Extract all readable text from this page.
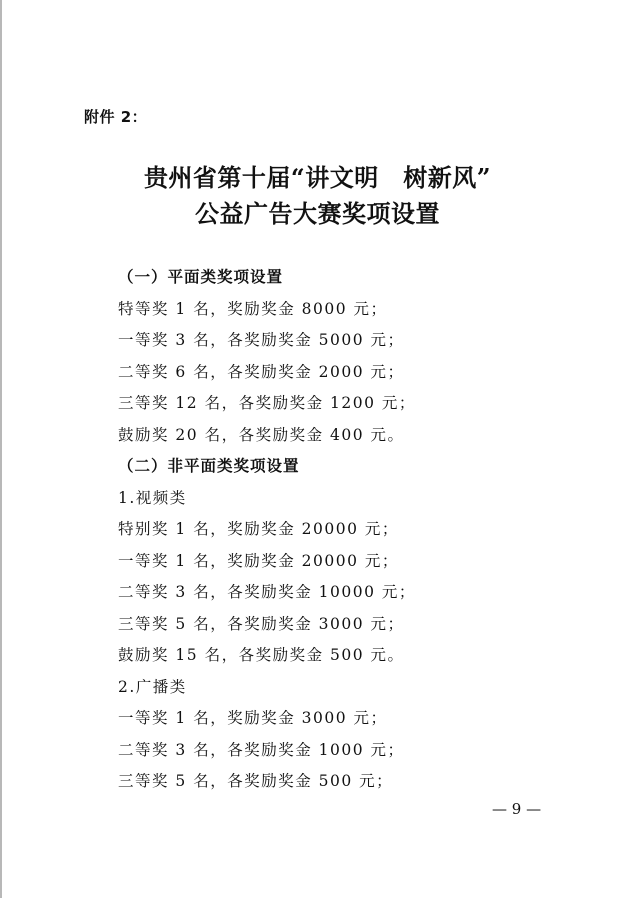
附件 2：
贵州省第十届“讲文明　树新风”
公益广告大赛奖项设置
（一）平面类奖项设置
特等奖 1 名，奖励奖金 8000 元；
一等奖 3 名，各奖励奖金 5000 元；
二等奖 6 名，各奖励奖金 2000 元；
三等奖 12 名，各奖励奖金 1200 元；
鼓励奖 20 名，各奖励奖金 400 元。
（二）非平面类奖项设置
1.视频类
特别奖 1 名，奖励奖金 20000 元；
一等奖 1 名，奖励奖金 20000 元；
二等奖 3 名，各奖励奖金 10000 元；
三等奖 5 名，各奖励奖金 3000 元；
鼓励奖 15 名，各奖励奖金 500 元。
2.广播类
一等奖 1 名，奖励奖金 3000 元；
二等奖 3 名，各奖励奖金 1000 元；
三等奖 5 名，各奖励奖金 500 元；
— 9 —
